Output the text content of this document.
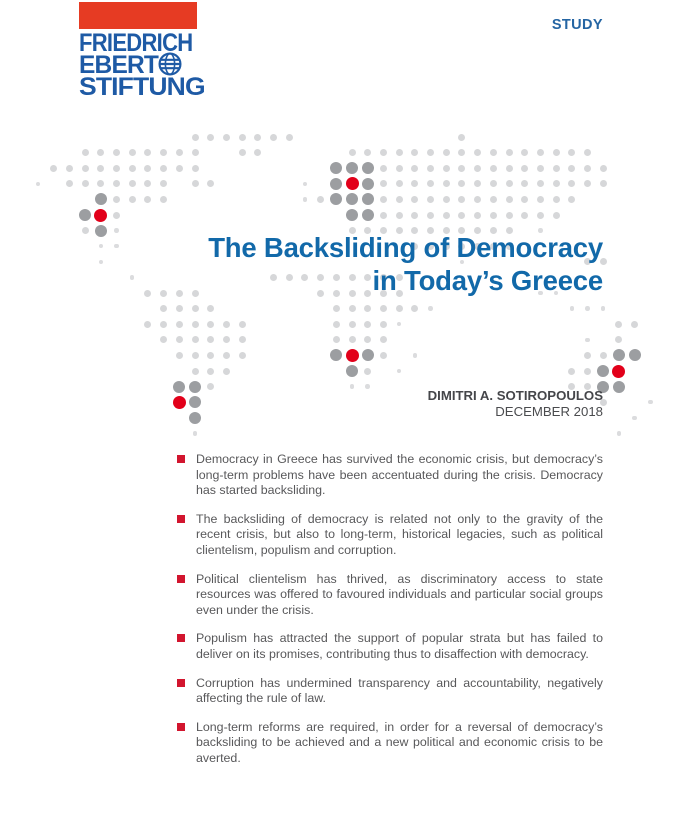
FRIEDRICH
EBERT
STIFTUNG
STUDY
The Backsliding of Democracy
in Today’s Greece
DIMITRI A. SOTIROPOULOS
DECEMBER 2018
Democracy in Greece has survived the economic crisis, but democracy’s long-term problems have been accentuated during the crisis. Democracy has started backsliding.
The backsliding of democracy is related not only to the gravity of the recent crisis, but also to long-term, historical legacies, such as political clientelism, populism and corruption.
Political clientelism has thrived, as discriminatory access to state resources was offered to favoured individuals and particular social groups even under the crisis.
Populism has attracted the support of popular strata but has failed to deliver on its promises, contributing thus to disaffection with democracy.
Corruption has undermined transparency and accountability, negatively affecting the rule of law.
Long-term reforms are required, in order for a reversal of democracy’s backsliding to be achieved and a new political and economic crisis to be averted.
